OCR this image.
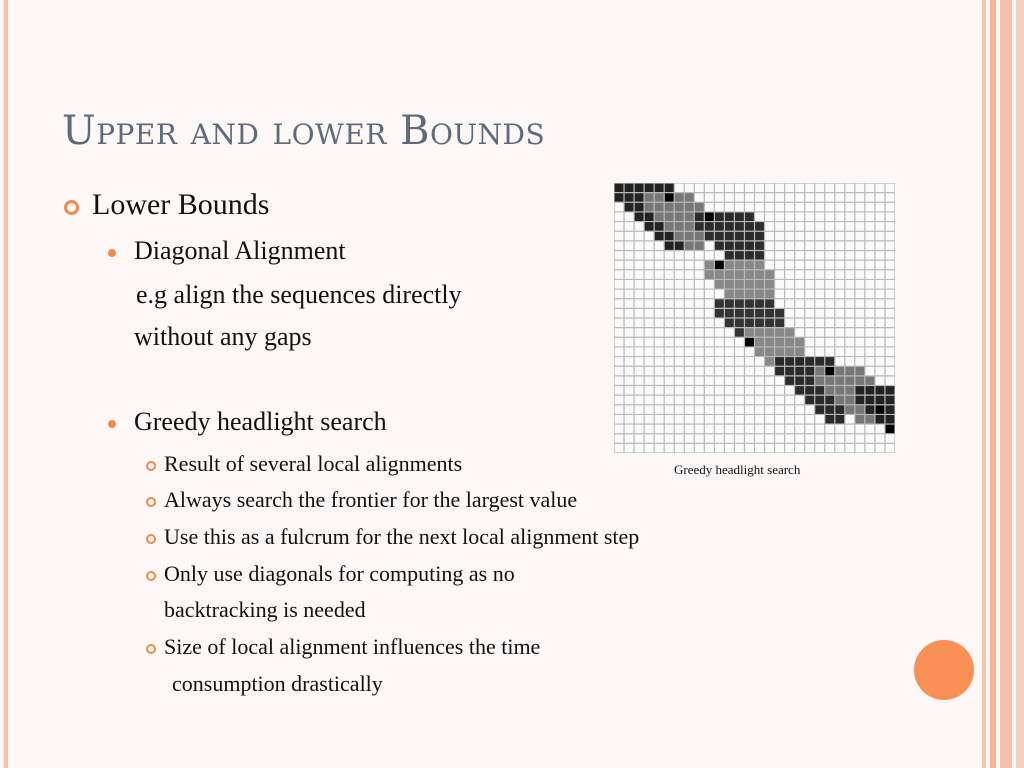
Upper and lower Bounds
Lower Bounds
Diagonal Alignment
e.g align the sequences directly
without any gaps
Greedy headlight search
Result of several local alignments
Always search the frontier for the largest value
Use this as a fulcrum for the next local alignment step
Only use diagonals for computing as no
backtracking is needed
Size of local alignment influences the time
consumption drastically
Greedy headlight search
